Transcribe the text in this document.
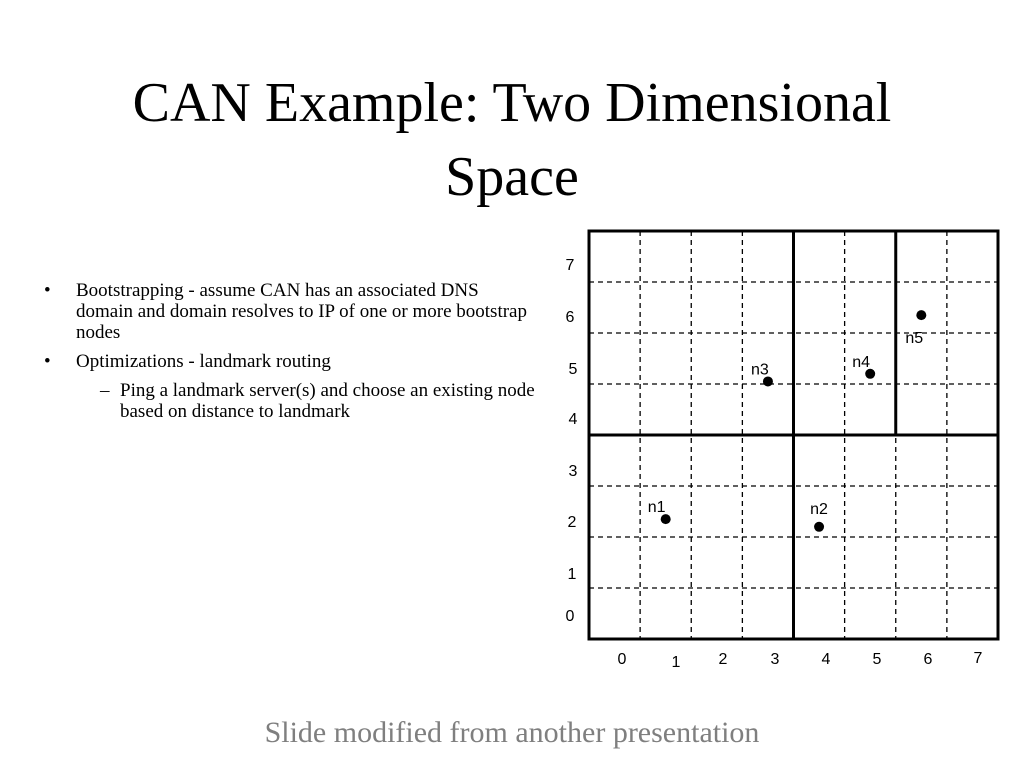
CAN Example: Two Dimensional
Space
• Bootstrapping - assume CAN has an associated DNS domain and domain resolves to IP of one or more bootstrap nodes
• Optimizations - landmark routing
– Ping a landmark server(s) and choose an existing node based on distance to landmark
0	1 2	3	4	5	6	7
0
1
2
3
4
5
6
7
n1	n2
n3	n4
n5
Slide modified from another presentation
